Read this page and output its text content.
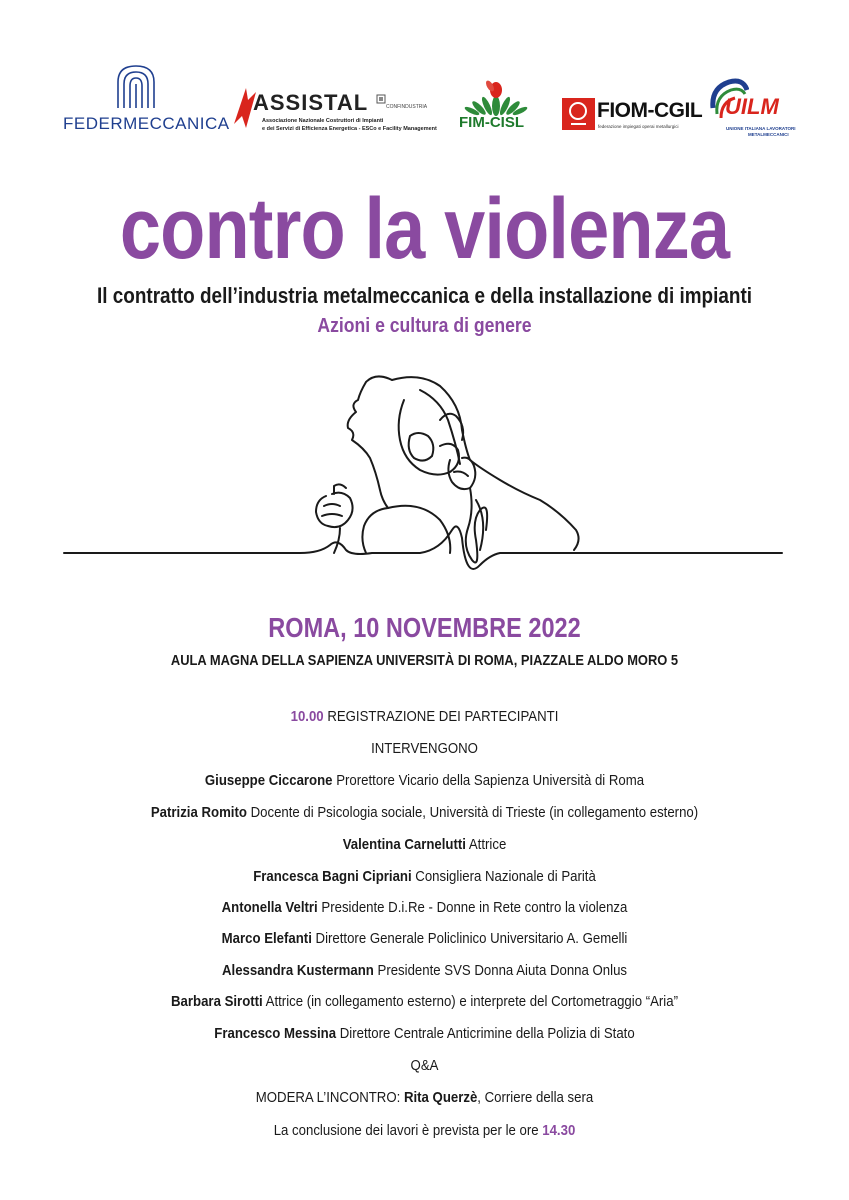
FEDERMECCANICA
ASSISTAL	CONFINDUSTRIA
Associazione Nazionale Costruttori di Impianti
e dei Servizi di Efficienza Energetica - ESCo e Facility Management FIM-CISL
FIOM-CGIL
federazione impiegati operai metallurgici
UILM
UNIONE ITALIANA LAVORATORI
METALMECCANICI
contro la violenza
Il contratto dell’industria metalmeccanica e della installazione di impianti
Azioni e cultura di genere
ROMA, 10 NOVEMBRE 2022
AULA MAGNA DELLA SAPIENZA UNIVERSITÀ DI ROMA, PIAZZALE ALDO MORO 5
10.00 REGISTRAZIONE DEI PARTECIPANTI
INTERVENGONO
Giuseppe Ciccarone Prorettore Vicario della Sapienza Università di Roma
Patrizia Romito Docente di Psicologia sociale, Università di Trieste (in collegamento esterno)
Valentina Carnelutti Attrice
Francesca Bagni Cipriani Consigliera Nazionale di Parità
Antonella Veltri Presidente D.i.Re - Donne in Rete contro la violenza
Marco Elefanti Direttore Generale Policlinico Universitario A. Gemelli
Alessandra Kustermann Presidente SVS Donna Aiuta Donna Onlus
Barbara Sirotti Attrice (in collegamento esterno) e interprete del Cortometraggio “Aria”
Francesco Messina Direttore Centrale Anticrimine della Polizia di Stato
Q&A
MODERA L’INCONTRO: Rita Querzè, Corriere della sera
La conclusione dei lavori è prevista per le ore 14.30
